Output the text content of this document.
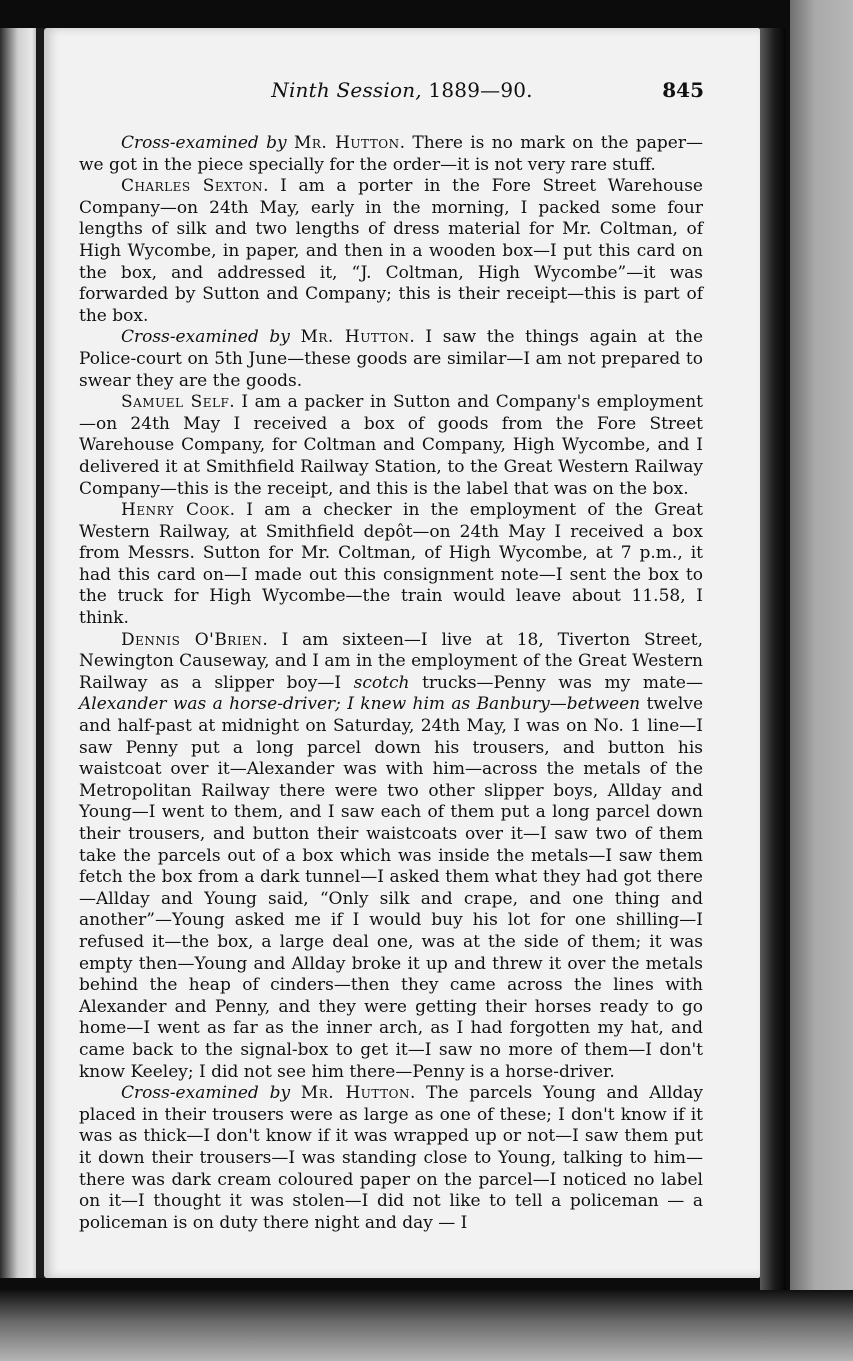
Ninth Session, 1889—90.	845

Cross-examined by Mr. Hutton. There is no mark on the paper—we got in the piece specially for the order—it is not very rare stuff.

Charles Sexton. I am a porter in the Fore Street Warehouse Company—on 24th May, early in the morning, I packed some four lengths of silk and two lengths of dress material for Mr. Coltman, of High Wycombe, in paper, and then in a wooden box—I put this card on the box, and addressed it, “J. Coltman, High Wycombe”—it was forwarded by Sutton and Company; this is their receipt—this is part of the box.

Cross-examined by Mr. Hutton. I saw the things again at the Police-court on 5th June—these goods are similar—I am not prepared to swear they are the goods.

Samuel Self. I am a packer in Sutton and Company's employment—on 24th May I received a box of goods from the Fore Street Warehouse Company, for Coltman and Company, High Wycombe, and I delivered it at Smithfield Railway Station, to the Great Western Railway Company—this is the receipt, and this is the label that was on the box.

Henry Cook. I am a checker in the employment of the Great Western Railway, at Smithfield depôt—on 24th May I received a box from Messrs. Sutton for Mr. Coltman, of High Wycombe, at 7 p.m., it had this card on—I made out this consignment note—I sent the box to the truck for High Wycombe—the train would leave about 11.58, I think.

Dennis O'Brien. I am sixteen—I live at 18, Tiverton Street, Newington Causeway, and I am in the employment of the Great Western Railway as a slipper boy—I scotch trucks—Penny was my mate—Alexander was a horse-driver; I knew him as Banbury—between twelve and half-past at midnight on Saturday, 24th May, I was on No. 1 line—I saw Penny put a long parcel down his trousers, and button his waistcoat over it—Alexander was with him—across the metals of the Metropolitan Railway there were two other slipper boys, Allday and Young—I went to them, and I saw each of them put a long parcel down their trousers, and button their waistcoats over it—I saw two of them take the parcels out of a box which was inside the metals—I saw them fetch the box from a dark tunnel—I asked them what they had got there—Allday and Young said, “Only silk and crape, and one thing and another”—Young asked me if I would buy his lot for one shilling—I refused it—the box, a large deal one, was at the side of them; it was empty then—Young and Allday broke it up and threw it over the metals behind the heap of cinders—then they came across the lines with Alexander and Penny, and they were getting their horses ready to go home—I went as far as the inner arch, as I had forgotten my hat, and came back to the signal-box to get it—I saw no more of them—I don't know Keeley; I did not see him there—Penny is a horse-driver.

Cross-examined by Mr. Hutton. The parcels Young and Allday placed in their trousers were as large as one of these; I don't know if it was as thick—I don't know if it was wrapped up or not—I saw them put it down their trousers—I was standing close to Young, talking to him—there was dark cream coloured paper on the parcel—I noticed no label on it—I thought it was stolen—I did not like to tell a policeman — a policeman is on duty there night and day — I
